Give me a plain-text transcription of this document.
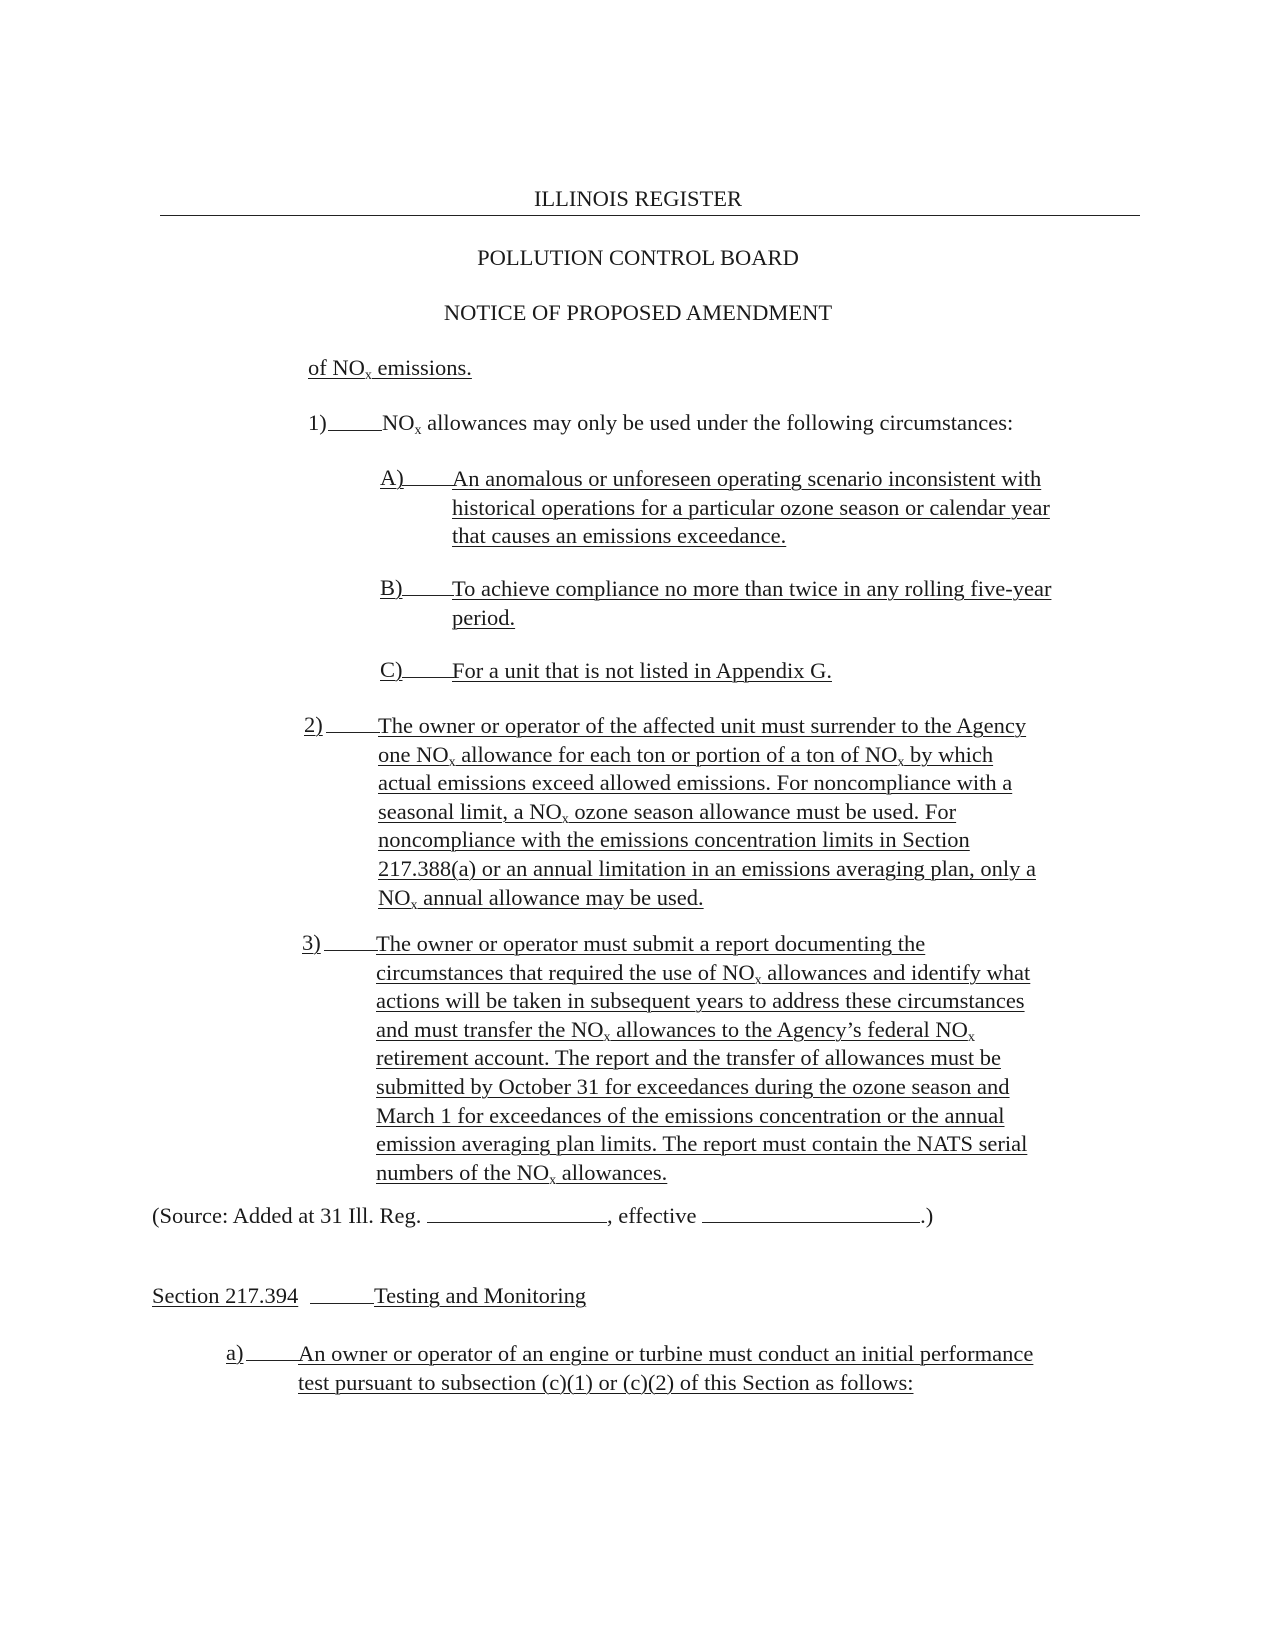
ILLINOIS REGISTER
POLLUTION CONTROL BOARD
NOTICE OF PROPOSED AMENDMENT
of $NO_x$ emissions.
1) $NO_x$ allowances may only be used under the following circumstances:
A) An anomalous or unforeseen operating scenario inconsistent with
historical operations for a particular ozone season or calendar year
that causes an emissions exceedance.
B) To achieve compliance no more than twice in any rolling five-year
period.
C) For a unit that is not listed in Appendix G.
2) The owner or operator of the affected unit must surrender to the Agency
one $NO_x$ allowance for each ton or portion of a ton of $NO_x$ by which
actual emissions exceed allowed emissions. For noncompliance with a
seasonal limit, a $NO_x$ ozone season allowance must be used. For
noncompliance with the emissions concentration limits in Section
217.388(a) or an annual limitation in an emissions averaging plan, only a
$NO_x$ annual allowance may be used.
3) The owner or operator must submit a report documenting the
circumstances that required the use of $NO_x$ allowances and identify what
actions will be taken in subsequent years to address these circumstances
and must transfer the $NO_x$ allowances to the Agency’s federal $NO_x$
retirement account. The report and the transfer of allowances must be
submitted by October 31 for exceedances during the ozone season and
March 1 for exceedances of the emissions concentration or the annual
emission averaging plan limits. The report must contain the NATS serial
numbers of the $NO_x$ allowances.
(Source: Added at 31 Ill. Reg.	, effective	.)
Section 217.394	Testing and Monitoring
a) An owner or operator of an engine or turbine must conduct an initial performance
test pursuant to subsection (c)(1) or (c)(2) of this Section as follows:
